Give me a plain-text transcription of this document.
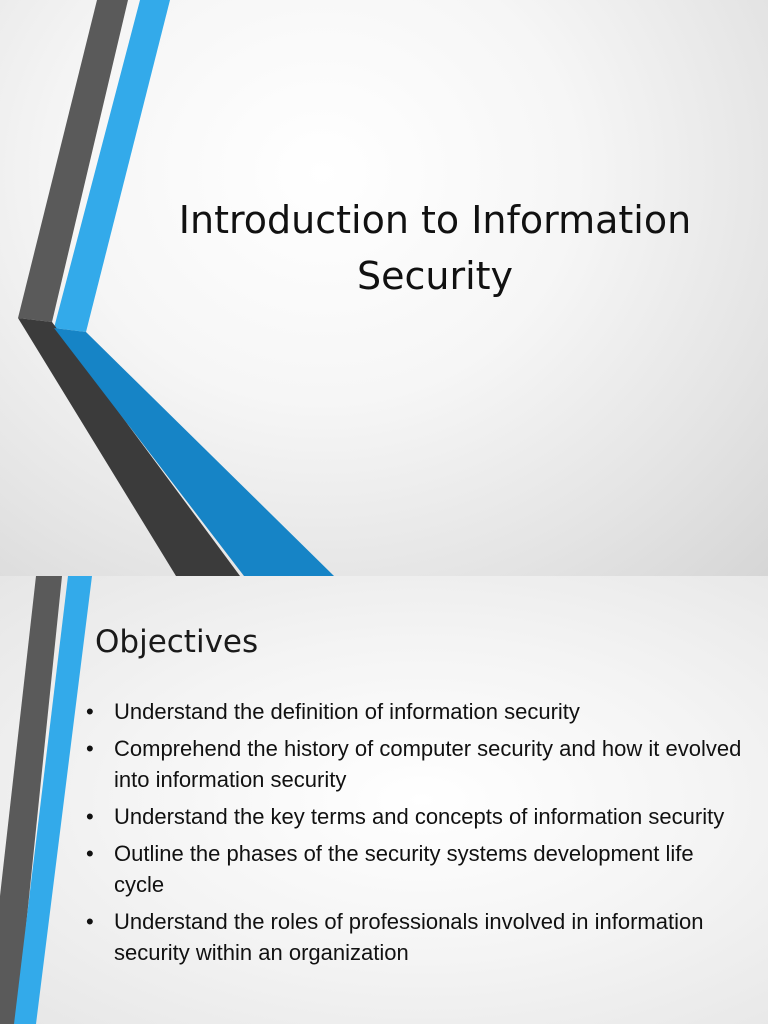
Introduction to Information
Security
Objectives
• Understand the definition of information security
• Comprehend the history of computer security and how it evolved into information security
• Understand the key terms and concepts of information security
• Outline the phases of the security systems development life cycle
• Understand the roles of professionals involved in information security within an organization
